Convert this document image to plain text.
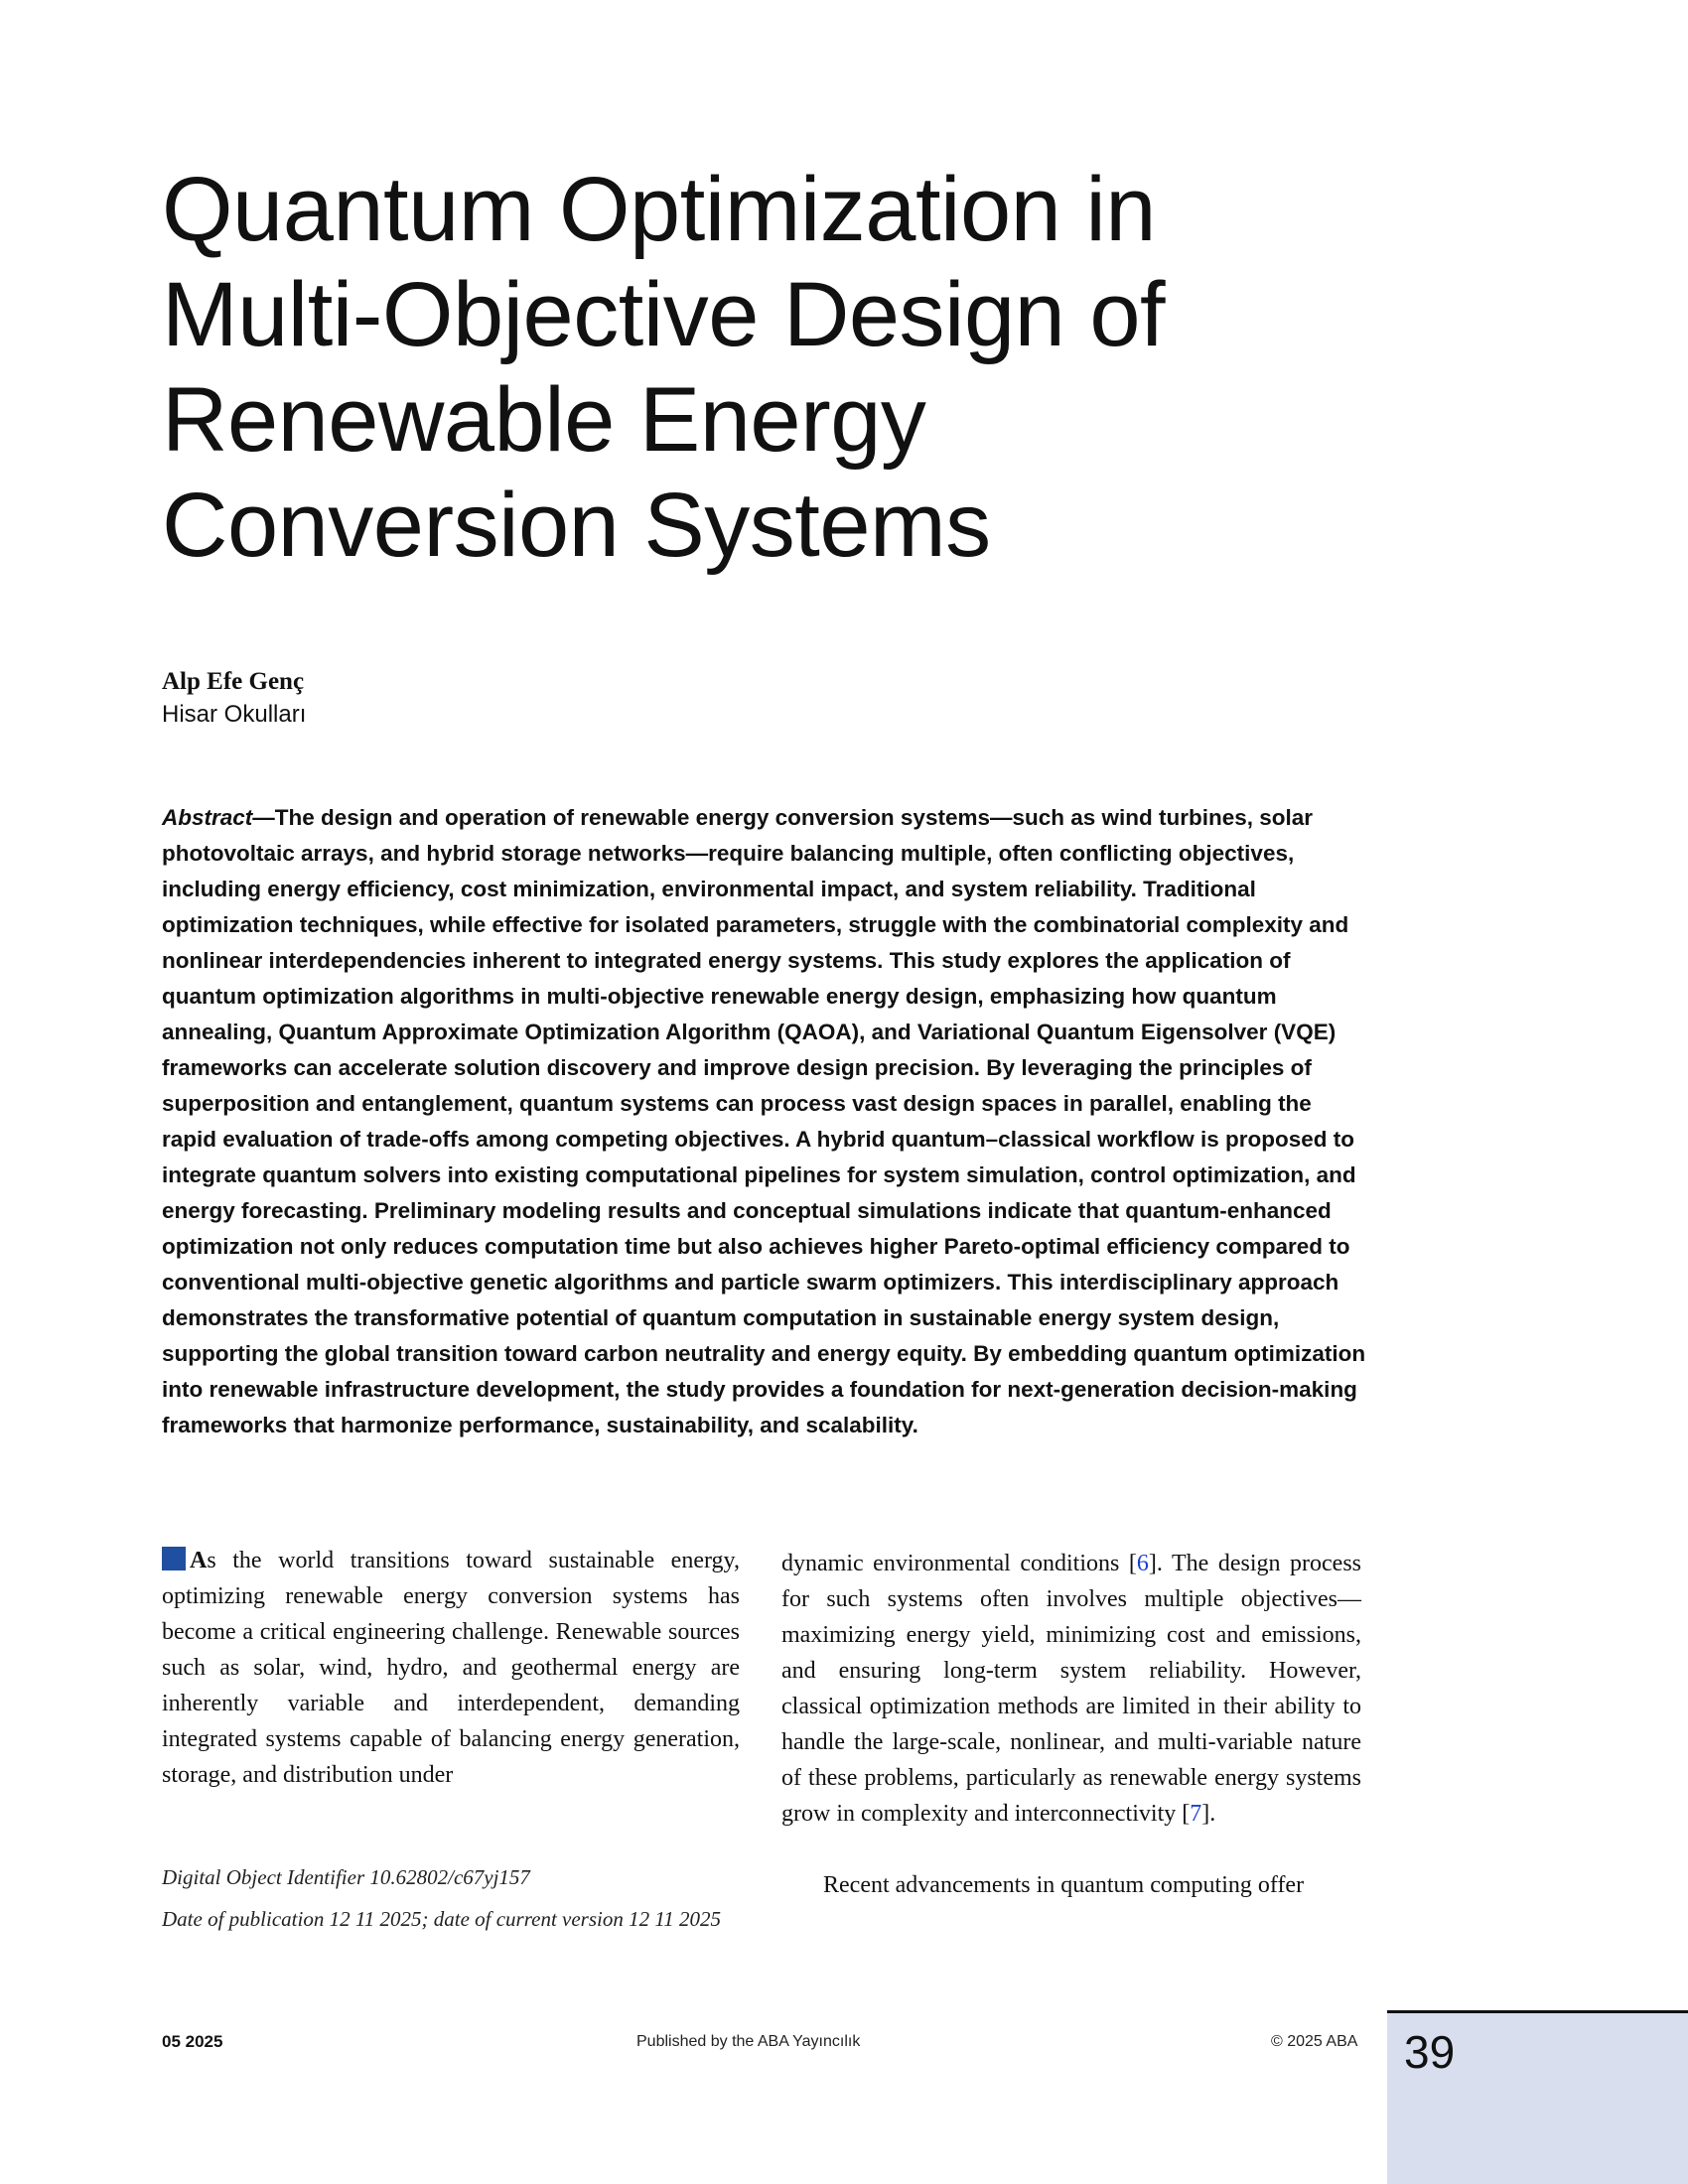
Quantum Optimization in
Multi-Objective Design of
Renewable Energy
Conversion Systems
Alp Efe Genç
Hisar Okulları

Abstract—The design and operation of renewable energy conversion systems—such as wind turbines, solar photovoltaic arrays, and hybrid storage networks—require balancing multiple, often conflicting objectives, including energy efficiency, cost minimization, environmental impact, and system reliability. Traditional optimization techniques, while effective for isolated parameters, struggle with the combinatorial complexity and nonlinear interdependencies inherent to integrated energy systems. This study explores the application of quantum optimization algorithms in multi-objective renewable energy design, emphasizing how quantum annealing, Quantum Approximate Optimization Algorithm (QAOA), and Variational Quantum Eigensolver (VQE) frameworks can accelerate solution discovery and improve design precision. By leveraging the principles of superposition and entanglement, quantum systems can process vast design spaces in parallel, enabling the rapid evaluation of trade-offs among competing objectives. A hybrid quantum–classical workflow is proposed to integrate quantum solvers into existing computational pipelines for system simulation, control optimization, and energy forecasting. Preliminary modeling results and conceptual simulations indicate that quantum-enhanced optimization not only reduces computation time but also achieves higher Pareto-optimal efficiency compared to conventional multi-objective genetic algorithms and particle swarm optimizers. This interdisciplinary approach demonstrates the transformative potential of quantum computation in sustainable energy system design, supporting the global transition toward carbon neutrality and energy equity. By embedding quantum optimization into renewable infrastructure development, the study provides a foundation for next-generation decision-making frameworks that harmonize performance, sustainability, and scalability.

As the world transitions toward sustainable energy, optimizing renewable energy conversion systems has become a critical engineering challenge. Renewable sources such as solar, wind, hydro, and geothermal energy are inherently variable and interdependent, demanding integrated systems capable of balancing energy generation, storage, and distribution under

Digital Object Identifier 10.62802/c67yj157
Date of publication 12 11 2025; date of current version 12 11 2025

dynamic environmental conditions [6]. The design process for such systems often involves multiple objectives—maximizing energy yield, minimizing cost and emissions, and ensuring long-term system reliability. However, classical optimization methods are limited in their ability to handle the large-scale, nonlinear, and multi-variable nature of these problems, particularly as renewable energy systems grow in complexity and interconnectivity [7].

Recent advancements in quantum computing offer

05 2025	Published by the ABA Yayıncılık	© 2025 ABA 39
